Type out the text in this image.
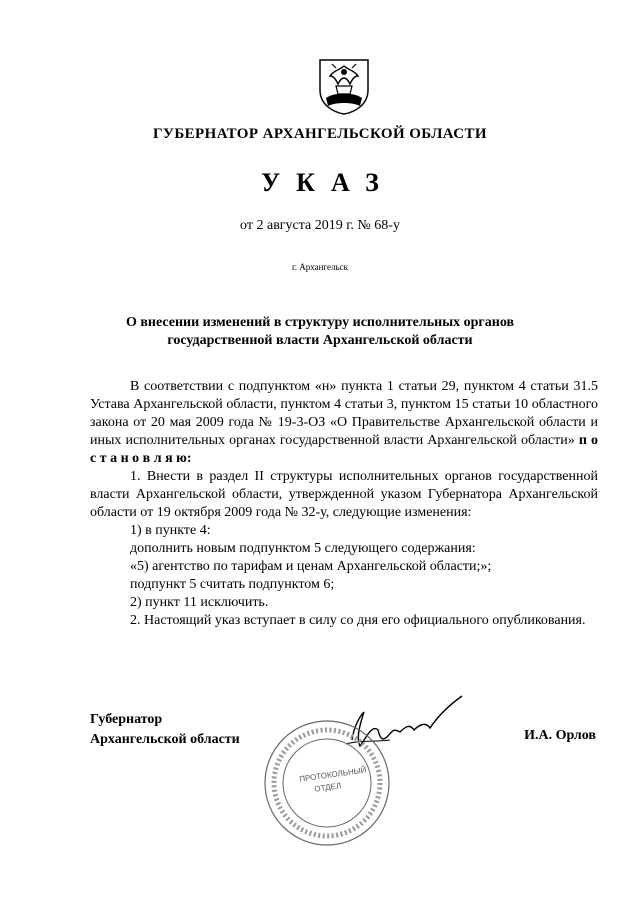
ГУБЕРНАТОР АРХАНГЕЛЬСКОЙ ОБЛАСТИ
УКАЗ
от 2 августа 2019 г. № 68-у
г. Архангельск
О внесении изменений в структуру исполнительных органов
государственной власти Архангельской области

В соответствии с подпунктом «н» пункта 1 статьи 29, пунктом 4 статьи 31.5 Устава Архангельской области, пунктом 4 статьи 3, пунктом 15 статьи 10 областного закона от 20 мая 2009 года № 19-3-ОЗ «О Правительстве Архангельской области и иных исполнительных органах государственной власти Архангельской области» п о с т а н о в л я ю:

1. Внести в раздел II структуры исполнительных органов государственной власти Архангельской области, утвержденной указом Губернатора Архангельской области от 19 октября 2009 года № 32-у, следующие изменения:

1) в пункте 4:

дополнить новым подпунктом 5 следующего содержания:

«5) агентство по тарифам и ценам Архангельской области;»;

подпункт 5 считать подпунктом 6;

2) пункт 11 исключить.

2. Настоящий указ вступает в силу со дня его официального опубликования.

Губернатор
Архангельской области	И.А. Орлов
ПРОТОКОЛЬНЫЙ ОТДЕЛ
